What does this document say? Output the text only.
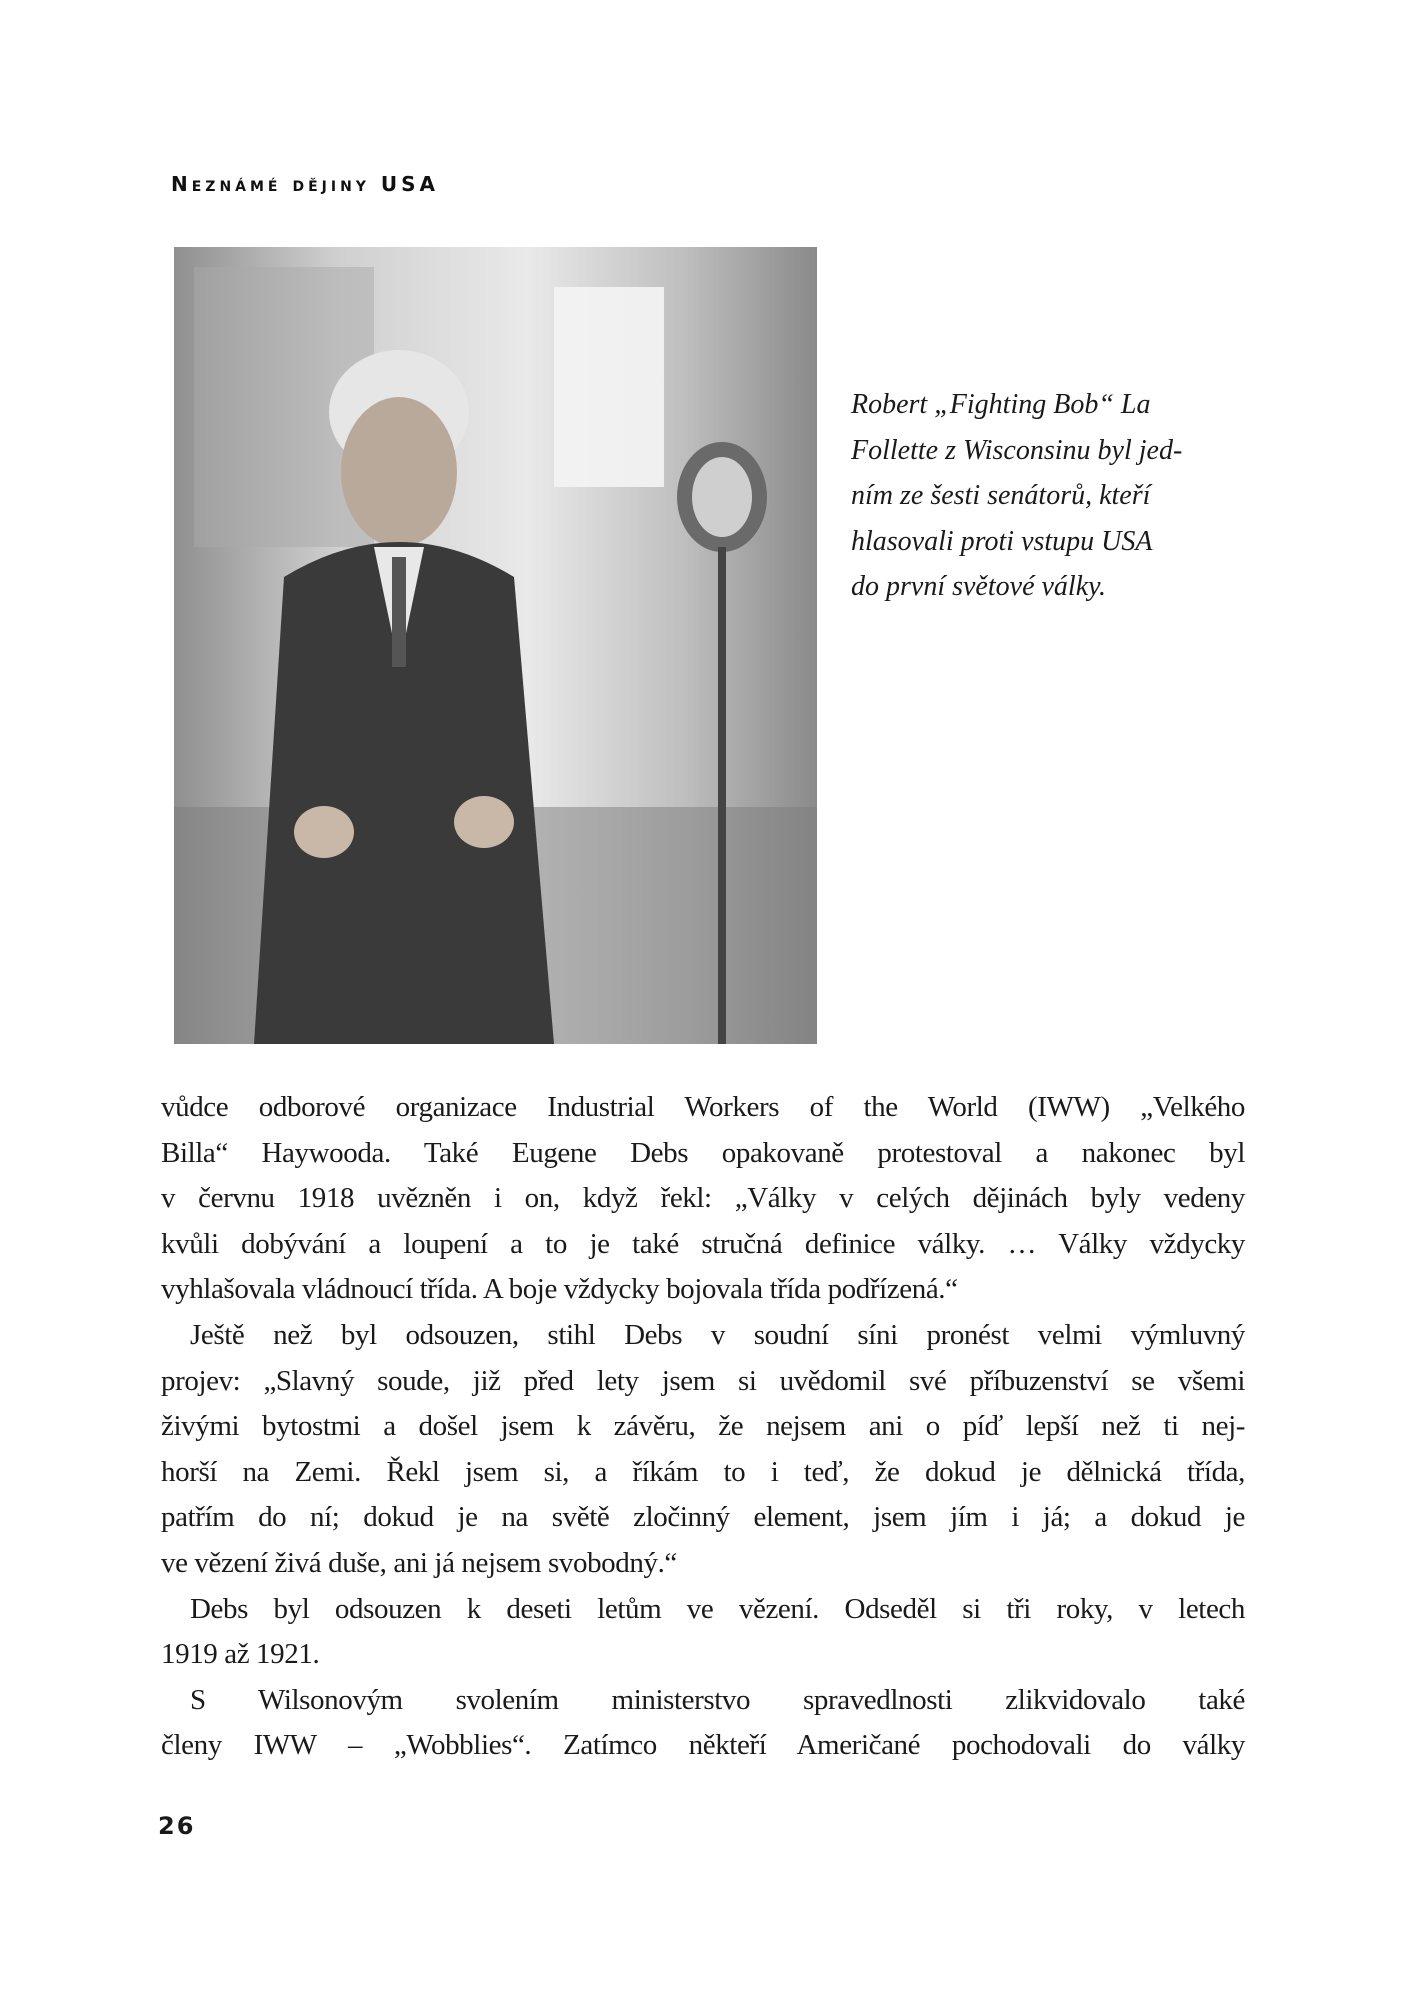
Neznámé dějiny USA
Robert „Fighting Bob“ La
Follette z Wisconsinu byl jed-
ním ze šesti senátorů, kteří
hlasovali proti vstupu USA
do první světové války.
vůdce odborové organizace Industrial Workers of the World (IWW) „Velkého
Billa“ Haywooda. Také Eugene Debs opakovaně protestoval a nakonec byl
v červnu 1918 uvězněn i on, když řekl: „Války v celých dějinách byly vedeny
kvůli dobývání a loupení a to je také stručná definice války. … Války vždycky
vyhlašovala vládnoucí třída. A boje vždycky bojovala třída podřízená.“
Ještě než byl odsouzen, stihl Debs v soudní síni pronést velmi výmluvný
projev: „Slavný soude, již před lety jsem si uvědomil své příbuzenství se všemi
živými bytostmi a došel jsem k závěru, že nejsem ani o píď lepší než ti nej-
horší na Zemi. Řekl jsem si, a říkám to i teď, že dokud je dělnická třída,
patřím do ní; dokud je na světě zločinný element, jsem jím i já; a dokud je
ve vězení živá duše, ani já nejsem svobodný.“
Debs byl odsouzen k deseti letům ve vězení. Odseděl si tři roky, v letech
1919 až 1921.
S Wilsonovým svolením ministerstvo spravedlnosti zlikvidovalo také
členy IWW – „Wobblies“. Zatímco někteří Američané pochodovali do války
26
